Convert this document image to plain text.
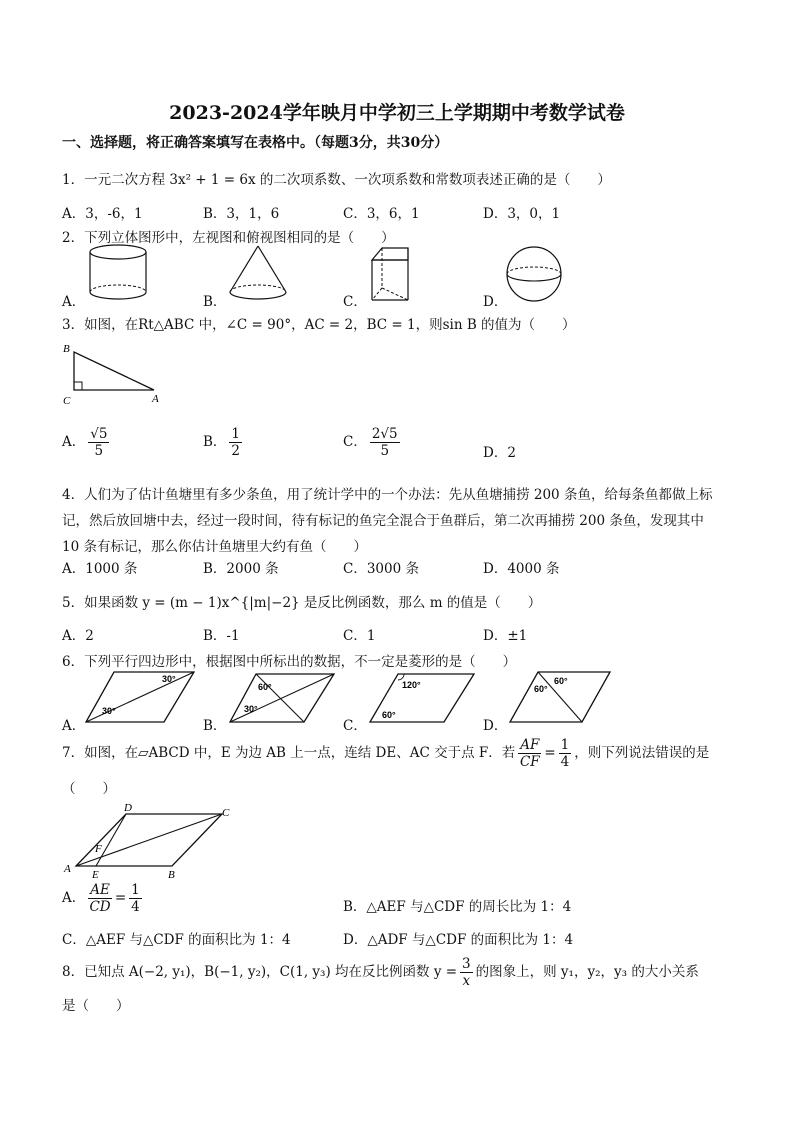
2023-2024学年映月中学初三上学期期中考数学试卷
一、选择题，将正确答案填写在表格中。（每题3分，共30分）
1．一元二次方程 3x² + 1 = 6x 的二次项系数、一次项系数和常数项表述正确的是（　　）
A．3，-6，1	B．3，1，6	C．3，6，1	D．3，0，1
2．下列立体图形中，左视图和俯视图相同的是（　　）
A．	B．	C．	D．
3．如图，在Rt△ABC 中，∠C = 90°，AC = 2，BC = 1，则sin B 的值为（　　）
B
C	A
A． $\frac{√5}{5}$	B． $\frac{1}{2}$	C． $\frac{2√5}{5}$	D．2
4．人们为了估计鱼塘里有多少条鱼，用了统计学中的一个办法：先从鱼塘捕捞 200 条鱼，给每条鱼都做上标
记，然后放回塘中去，经过一段时间，待有标记的鱼完全混合于鱼群后，第二次再捕捞 200 条鱼，发现其中
10 条有标记，那么你估计鱼塘里大约有鱼（　　）
A．1000 条	B．2000 条	C．3000 条	D．4000 条
5．如果函数 y = (m − 1)x^{|m|−2} 是反比例函数，那么 m 的值是（　　）
A．2	B．-1	C．1	D．±1
6．下列平行四边形中，根据图中所标出的数据，不一定是菱形的是（　　）
A．	B．	C．	D．
30°
30°
60°
30°
120°
60°
60°
60°
7．如图，在▱ABCD 中，E 为边 AB 上一点，连结 DE、AC 交于点 F．若 $\frac{AF}{CF} = \frac{1}{4}$ ，则下列说法错误的是
（　　）
D	C
F
A E	B
A． $\frac{AE}{CD} = \frac{1}{4}$	B．△AEF 与△CDF 的周长比为 1：4
C．△AEF 与△CDF 的面积比为 1：4	D．△ADF 与△CDF 的面积比为 1：4
8．已知点 A(−2, y₁)，B(−1, y₂)，C(1, y₃) 均在反比例函数 $y = \frac{3}{x}$ 的图象上，则 y₁，y₂，y₃ 的大小关系
是（　　）
